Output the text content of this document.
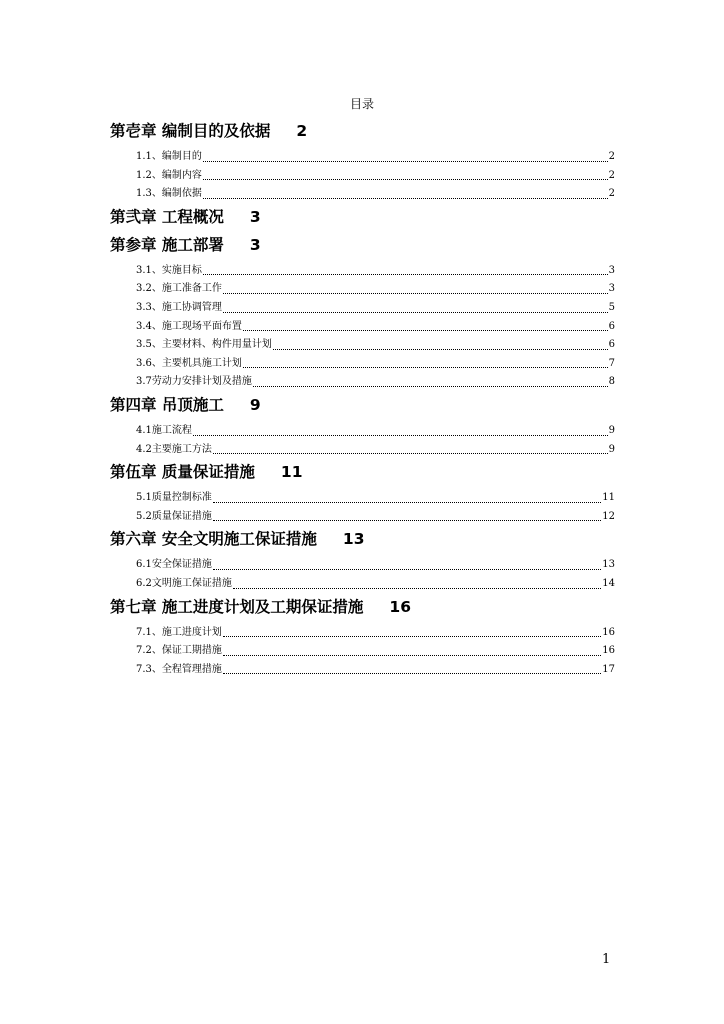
目录
第壱章 编制目的及依据 2
1.1、编制目的	2
1.2、编制内容	2
1.3、编制依据	2
第弐章 工程概况 3
第参章 施工部署 3
3.1、实施目标	3
3.2、施工准备工作	3
3.3、施工协调管理	5
3.4、施工现场平面布置	6
3.5、主要材料、构件用量计划	6
3.6、主要机具施工计划	7
3.7劳动力安排计划及措施	8
第四章 吊顶施工 9
4.1施工流程	9
4.2主要施工方法	9
第伍章 质量保证措施 11
5.1质量控制标准	11
5.2质量保证措施	12
第六章 安全文明施工保证措施 13
6.1安全保证措施	13
6.2文明施工保证措施	14
第七章 施工进度计划及工期保证措施 16
7.1、施工进度计划	16
7.2、保证工期措施	16
7.3、全程管理措施	17
1
